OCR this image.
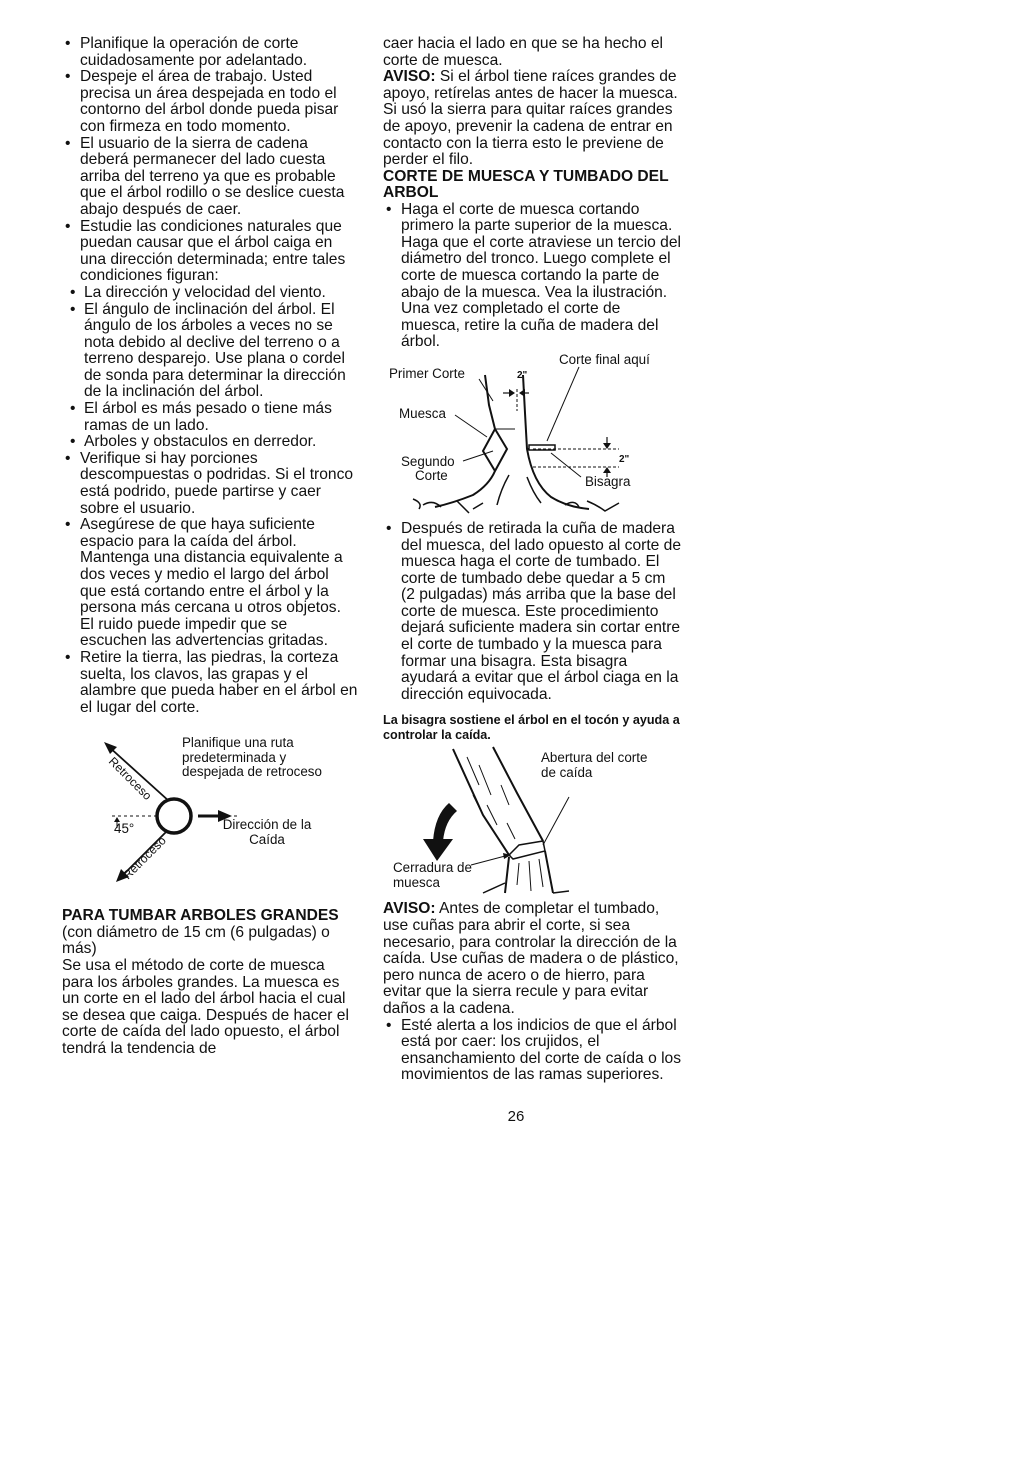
• Planifique la operación de corte cuidadosamente por adelantado.
• Despeje el área de trabajo. Usted precisa un área despejada en todo el contorno del árbol donde pueda pisar con firmeza en todo momento.
• El usuario de la sierra de cadena deberá permanecer del lado cuesta arriba del terreno ya que es probable que el árbol rodillo o se deslice cuesta abajo después de caer.
• Estudie las condiciones naturales que puedan causar que el árbol caiga en una dirección determinada; entre tales condiciones figuran:
• La dirección y velocidad del viento.
• El ángulo de inclinación del árbol. El ángulo de los árboles a veces no se nota debido al declive del terreno o a terreno desparejo. Use plana o cordel de sonda para determinar la dirección de la inclinación del árbol.
• El árbol es más pesado o tiene más ramas de un lado.
• Arboles y obstaculos en derredor.
• Verifique si hay porciones descompuestas o podridas. Si el tronco está podrido, puede partirse y caer sobre el usuario.
• Asegúrese de que haya suficiente espacio para la caída del árbol. Mantenga una distancia equivalente a dos veces y medio el largo del árbol que está cortando entre el árbol y la persona más cercana u otros objetos. El ruido puede impedir que se escuchen las advertencias gritadas.
• Retire la tierra, las piedras, la corteza suelta, los clavos, las grapas y el alambre que pueda haber en el árbol en el lugar del corte.
Retroceso
Retroceso
Planifique una ruta predeterminada y despejada de retroceso
45°	Dirección de la Caída
PARA TUMBAR ARBOLES GRANDES

(con diámetro de 15 cm (6 pulgadas) o más)

Se usa el método de corte de muesca para los árboles grandes. La muesca es un corte en el lado del árbol hacia el cual se desea que caiga. Después de hacer el corte de caída del lado opuesto, el árbol tendrá la tendencia de

caer hacia el lado en que se ha hecho el corte de muesca.

AVISO: Si el árbol tiene raíces grandes de apoyo, retírelas antes de hacer la muesca. Si usó la sierra para quitar raíces grandes de apoyo, prevenir la cadena de entrar en contacto con la tierra esto le previene de perder el filo.

CORTE DE MUESCA Y TUMBADO DEL ARBOL
• Haga el corte de muesca cortando primero la parte superior de la muesca. Haga que el corte atraviese un tercio del diámetro del tronco. Luego complete el corte de muesca cortando la parte de abajo de la muesca. Vea la ilustración. Una vez completado el corte de muesca, retire la cuña de madera del árbol.
Corte final aquí
Primer Corte	2"
2"
Muesca
Segundo
Corte	Bisagra
• Después de retirada la cuña de madera del muesca, del lado opuesto al corte de muesca haga el corte de tumbado. El corte de tumbado debe quedar a 5 cm (2 pulgadas) más arriba que la base del corte de muesca. Este procedimiento dejará suficiente madera sin cortar entre el corte de tumbado y la muesca para formar una bisagra. Esta bisagra ayudará a evitar que el árbol ciaga en la dirección equivocada.

La bisagra sostiene el árbol en el tocón y ayuda a controlar la caída.

Abertura del corte de caída
Cerradura de muesca

AVISO: Antes de completar el tumbado, use cuñas para abrir el corte, si sea necesario, para controlar la dirección de la caída. Use cuñas de madera o de plástico, pero nunca de acero o de hierro, para evitar que la sierra recule y para evitar daños a la cadena.

• Esté alerta a los indicios de que el árbol está por caer: los crujidos, el ensanchamiento del corte de caída o los movimientos de las ramas superiores.
26
